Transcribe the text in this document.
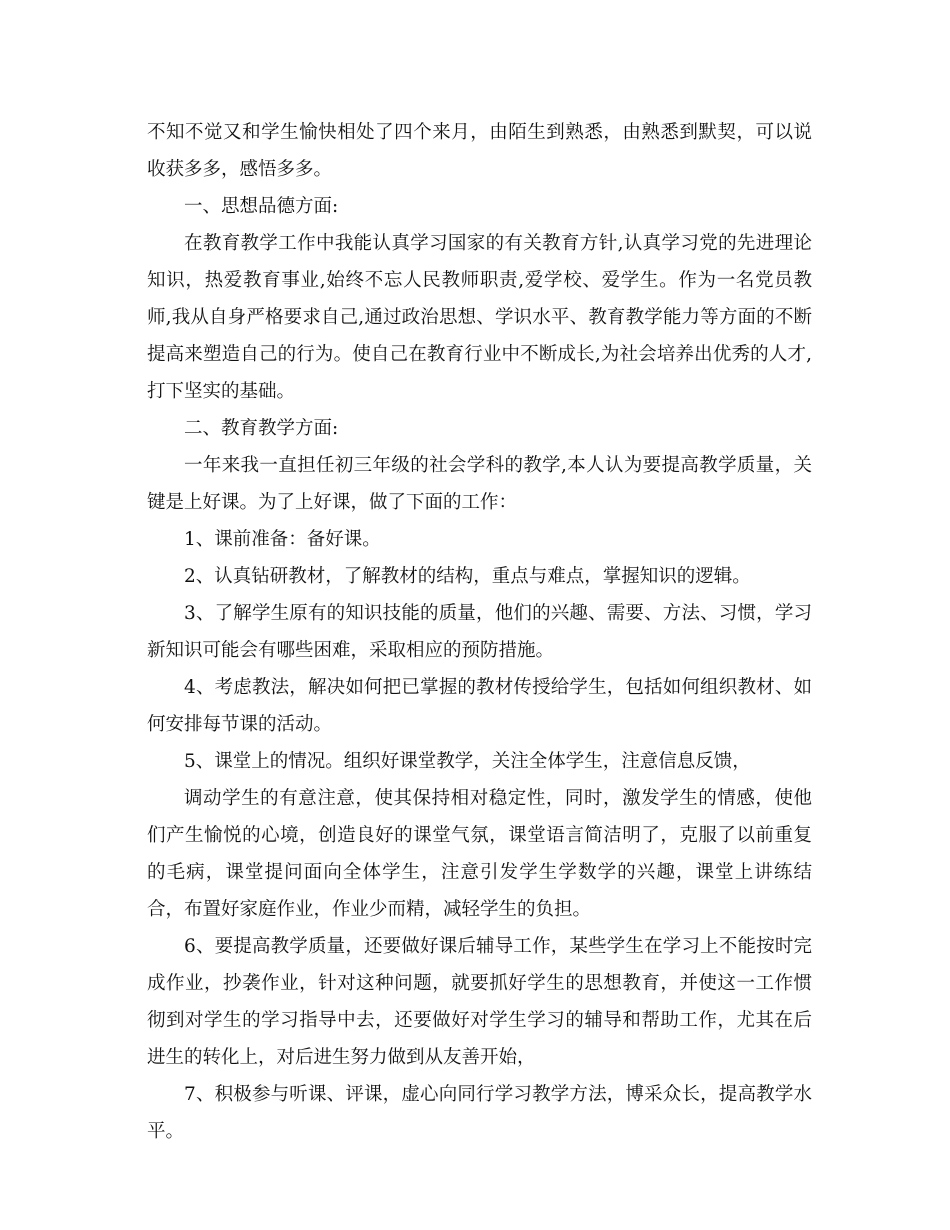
不知不觉又和学生愉快相处了四个来月，由陌生到熟悉，由熟悉到默契，可以说收获多多，感悟多多。

一、思想品德方面:

在教育教学工作中我能认真学习国家的有关教育方针,认真学习党的先进理论知识，热爱教育事业,始终不忘人民教师职责,爱学校、爱学生。作为一名党员教师,我从自身严格要求自己,通过政治思想、学识水平、教育教学能力等方面的不断提高来塑造自己的行为。使自己在教育行业中不断成长,为社会培养出优秀的人才,打下坚实的基础。

二、教育教学方面:

一年来我一直担任初三年级的社会学科的教学,本人认为要提高教学质量，关键是上好课。为了上好课，做了下面的工作：

1、课前准备：备好课。

2、认真钻研教材，了解教材的结构，重点与难点，掌握知识的逻辑。

3、了解学生原有的知识技能的质量，他们的兴趣、需要、方法、习惯，学习新知识可能会有哪些困难，采取相应的预防措施。

4、考虑教法，解决如何把已掌握的教材传授给学生，包括如何组织教材、如何安排每节课的活动。

5、课堂上的情况。组织好课堂教学，关注全体学生，注意信息反馈，

调动学生的有意注意，使其保持相对稳定性，同时，激发学生的情感，使他们产生愉悦的心境，创造良好的课堂气氛，课堂语言简洁明了，克服了以前重复的毛病，课堂提问面向全体学生，注意引发学生学数学的兴趣，课堂上讲练结合，布置好家庭作业，作业少而精，减轻学生的负担。

6、要提高教学质量，还要做好课后辅导工作，某些学生在学习上不能按时完成作业，抄袭作业，针对这种问题，就要抓好学生的思想教育，并使这一工作惯彻到对学生的学习指导中去，还要做好对学生学习的辅导和帮助工作，尤其在后进生的转化上，对后进生努力做到从友善开始，

7、积极参与听课、评课，虚心向同行学习教学方法，博采众长，提高教学水平。
